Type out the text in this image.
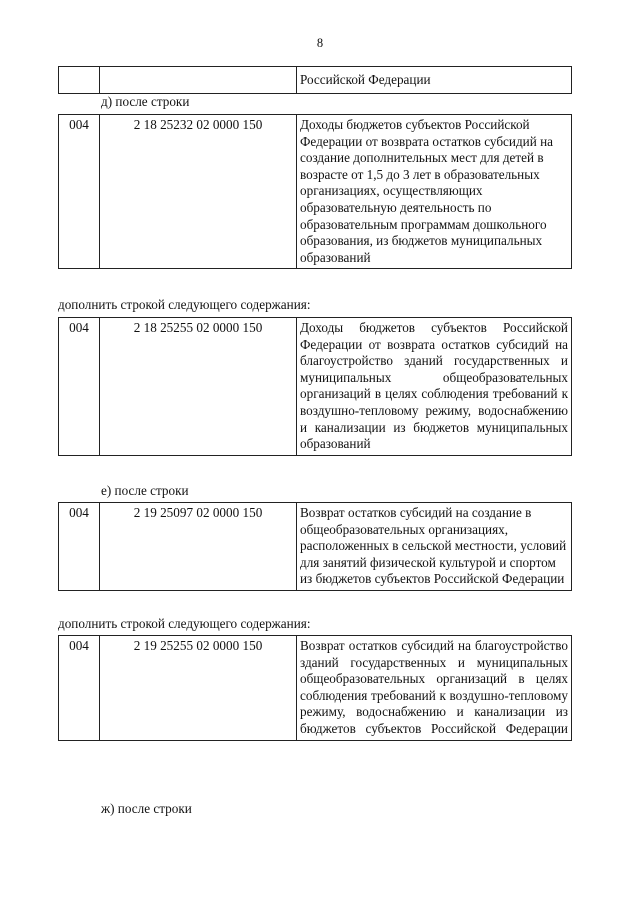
8
		Российской Федерации
д) после строки
004	2 18 25232 02 0000 150	Доходы бюджетов субъектов Российской Федерации от возврата остатков субсидий на создание дополнительных мест для детей в возрасте от 1,5 до 3 лет в образовательных организациях, осуществляющих образовательную деятельность по образовательным программам дошкольного образования, из бюджетов муниципальных образований
дополнить строкой следующего содержания:
004	2 18 25255 02 0000 150	Доходы бюджетов субъектов Российской Федерации от возврата остатков субсидий на благоустройство зданий государственных и муниципальных общеобразовательных организаций в целях соблюдения требований к воздушно-тепловому режиму, водоснабжению и канализации из бюджетов муниципальных образований
е) после строки
004	2 19 25097 02 0000 150	Возврат остатков субсидий на создание в общеобразовательных организациях, расположенных в сельской местности, условий для занятий физической культурой и спортом из бюджетов субъектов Российской Федерации
дополнить строкой следующего содержания:
004	2 19 25255 02 0000 150	Возврат остатков субсидий на благоустройство зданий государственных и муниципальных общеобразовательных организаций в целях соблюдения требований к воздушно-тепловому режиму, водоснабжению и канализации из бюджетов субъектов Российской Федерации
ж) после строки
